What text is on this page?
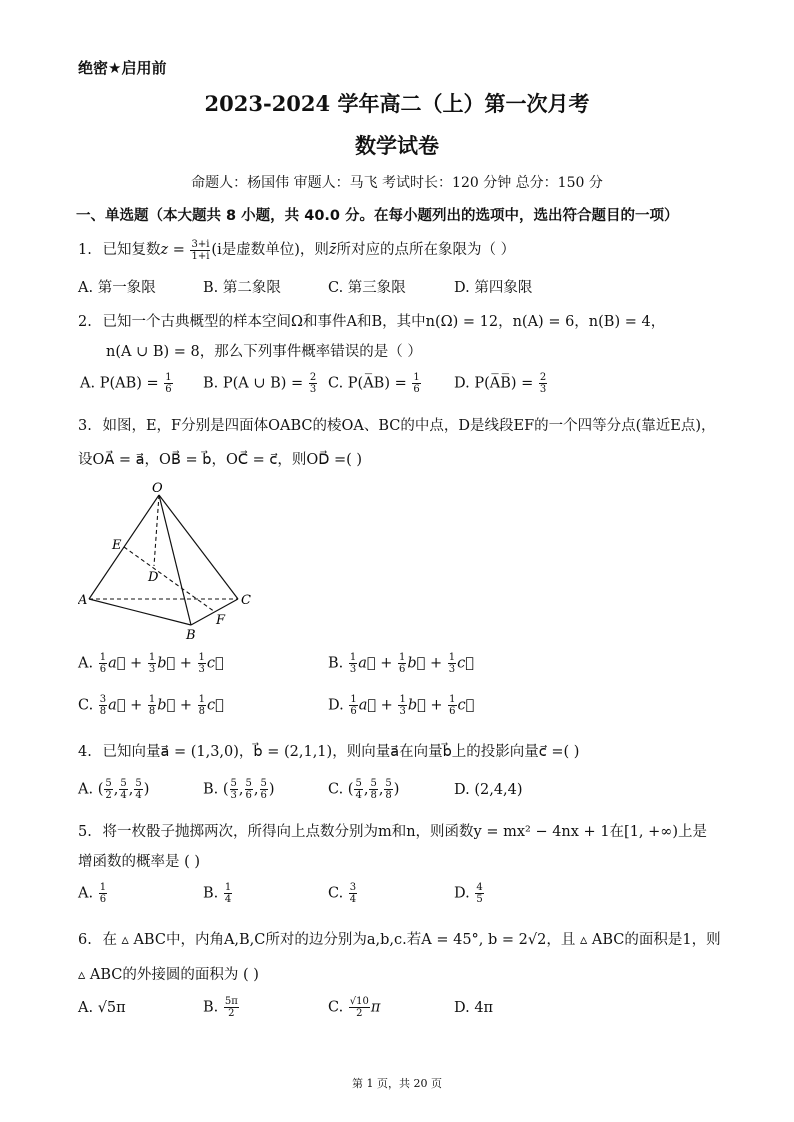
绝密★启用前
2023-2024 学年高二（上）第一次月考
数学试卷
命题人：杨国伟 审题人：马飞 考试时长：120 分钟 总分：150 分
一、单选题（本大题共 8 小题，共 40.0 分。在每小题列出的选项中，选出符合题目的一项）
1. 已知复数$z = \frac{3+i}{1+i} (i$是虚数单位)，则z̄所对应的点所在象限为（ ）
A. 第一象限	B. 第二象限	C. 第三象限	D. 第四象限
2. 已知一个古典概型的样本空间Ω和事件A和B，其中n(Ω) = 12，n(A) = 6，n(B) = 4，
n(A ∪ B) = 8，那么下列事件概率错误的是（ ）
A. $P(AB) = \frac{1}{6} B$. P(A ∪ $B) = \frac{2}{3} C$. P(A̅B) = $\frac{1}{6} D$. P(A̅B̅) = $\frac{2}{3}$
3. 如图，E，F分别是四面体OABC的棱OA、BC的中点，D是线段EF的一个四等分点(靠近E点)，
设OA⃗ = a⃗，OB⃗ = b⃗，OC⃗ = c⃗，则OD⃗ =( )
O
E
D
A	C
F
B
A. $\frac{1}{6}$ a⃗ + $\frac{1}{3}$ b⃗ + $\frac{1}{3}$ c⃗	B. $\frac{1}{3}$ a⃗ + $\frac{1}{6}$ b⃗ + $\frac{1}{3}$ c⃗
C. $\frac{3}{8}$ a⃗ + $\frac{1}{8}$ b⃗ + $\frac{1}{8}$ c⃗	D. $\frac{1}{6}$ a⃗ + $\frac{1}{3}$ b⃗ + $\frac{1}{6}$ c⃗
4. 已知向量a⃗ = (1,3,0)，b⃗ = (2,1,1)，则向量a⃗在向量b⃗上的投影向量c⃗ =( )
A. ( $\frac{5}{2}$ , $\frac{5}{4}$ , $\frac{5}{4}$ )	B. ( $\frac{5}{3}$ , $\frac{5}{6}$ , $\frac{5}{6}$ )	C. ( $\frac{5}{4}$ , $\frac{5}{8}$ , $\frac{5}{8}$ )	D. (2,4,4)
5. 将一枚骰子抛掷两次，所得向上点数分别为m和n，则函数y = mx² − 4nx + 1在[1, +∞)上是
增函数的概率是 ( )
A. $\frac{1}{6}$	B. $\frac{1}{4}$	C. $\frac{3}{4}$	D. $\frac{4}{5}$
6. 在 ▵ ABC中，内角A,B,C所对的边分别为a,b,c.若A = 45°, b = 2√2，且 ▵ ABC的面积是1，则
▵ ABC的外接圆的面积为 ( )
A. √5π	B. $\frac{5\pi}{2}$	C. $\frac{√10}{2}$ π	D. 4π
第 1 页，共 20 页
